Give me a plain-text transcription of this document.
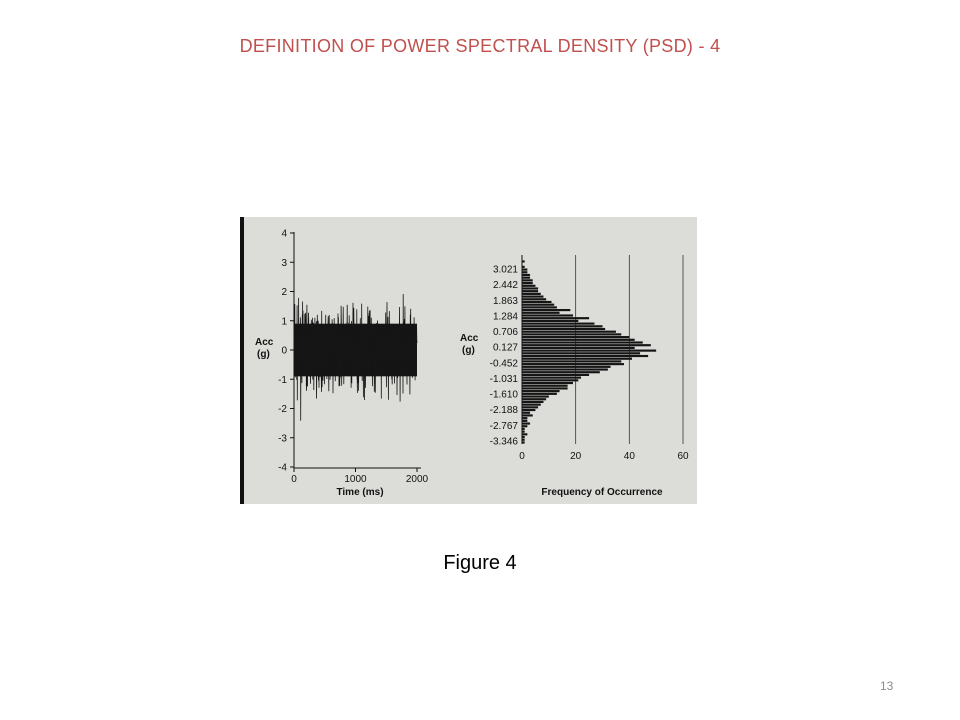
DEFINITION OF POWER SPECTRAL DENSITY (PSD) - 4
4
3
2
1
0
-1
-2
-3
-4
0	1000	2000
Acc
(g)
Time (ms)
3.021
2.442
1.863
1.284
0.706
0.127
-0.452
-1.031
-1.610
-2.188
-2.767
-3.346
0	20	40	60
Acc
(g)
Frequency of Occurrence
Figure 4
13
